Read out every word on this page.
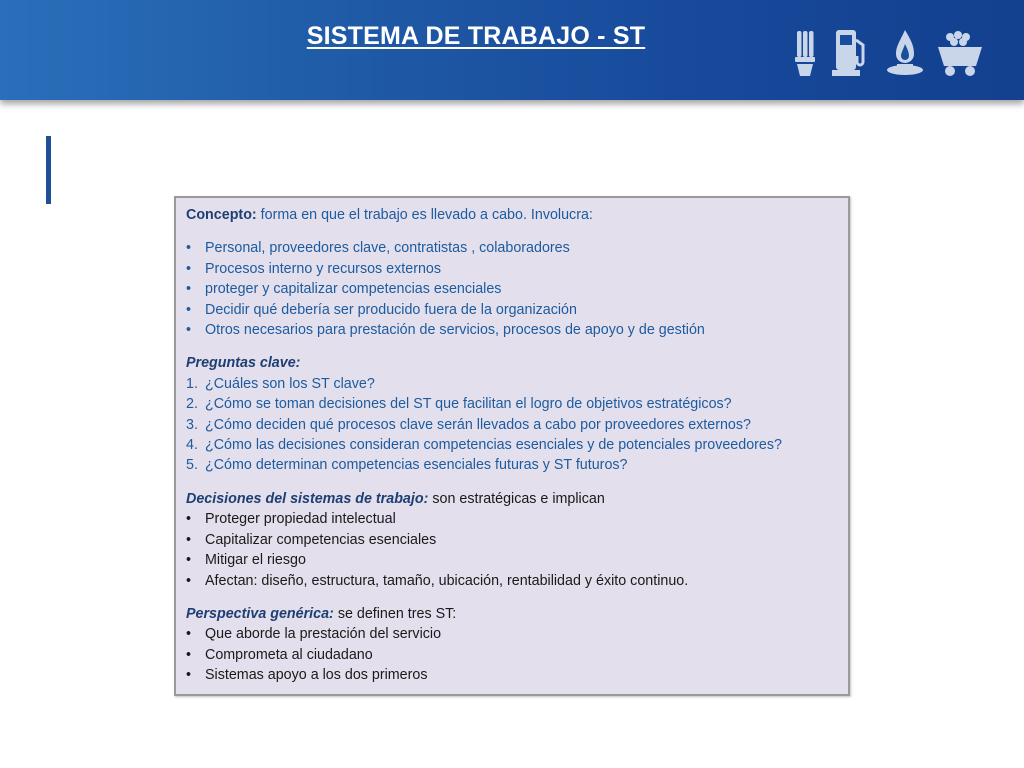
SISTEMA DE TRABAJO - ST
Concepto: forma en que el trabajo es llevado a cabo. Involucra:
• Personal, proveedores clave, contratistas , colaboradores
• Procesos interno y recursos externos
• proteger y capitalizar competencias esenciales
• Decidir qué debería ser producido fuera de la organización
• Otros necesarios para prestación de servicios, procesos de apoyo y de gestión
Preguntas clave:
1. ¿Cuáles son los ST clave?
2. ¿Cómo se toman decisiones del ST que facilitan el logro de objetivos estratégicos?
3. ¿Cómo deciden qué procesos clave serán llevados a cabo por proveedores externos?
4. ¿Cómo las decisiones consideran competencias esenciales y de potenciales proveedores?
5. ¿Cómo determinan competencias esenciales futuras y ST futuros?
Decisiones del sistemas de trabajo: son estratégicas e implican
• Proteger propiedad intelectual
• Capitalizar competencias esenciales
• Mitigar el riesgo
• Afectan: diseño, estructura, tamaño, ubicación, rentabilidad y éxito continuo.
Perspectiva genérica: se definen tres ST:
• Que aborde la prestación del servicio
• Comprometa al ciudadano
• Sistemas apoyo a los dos primeros
